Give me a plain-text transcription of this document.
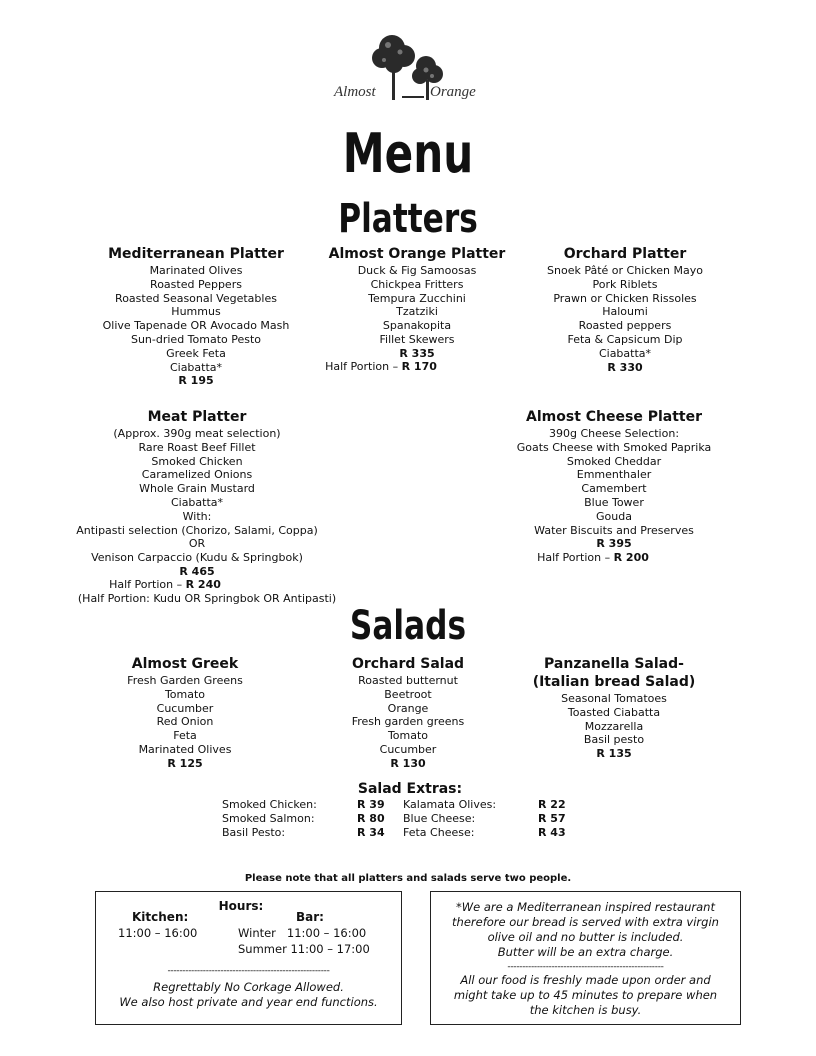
Almost	Orange
Menu
Platters
Mediterranean Platter
Marinated Olives
Roasted Peppers
Roasted Seasonal Vegetables
Hummus
Olive Tapenade OR Avocado Mash
Sun-dried Tomato Pesto
Greek Feta
Ciabatta*
R 195
Almost Orange Platter
Duck & Fig Samoosas
Chickpea Fritters
Tempura Zucchini
Tzatziki
Spanakopita
Fillet Skewers
R 335
Half Portion – R 170
Orchard Platter
Snoek Pâté or Chicken Mayo
Pork Riblets
Prawn or Chicken Rissoles
Haloumi
Roasted peppers
Feta & Capsicum Dip
Ciabatta*
R 330
Meat Platter
(Approx. 390g meat selection)
Rare Roast Beef Fillet
Smoked Chicken
Caramelized Onions
Whole Grain Mustard
Ciabatta*
With:
Antipasti selection (Chorizo, Salami, Coppa)
OR
Venison Carpaccio (Kudu & Springbok)
R 465
Half Portion – R 240
(Half Portion: Kudu OR Springbok OR Antipasti)
Almost Cheese Platter
390g Cheese Selection:
Goats Cheese with Smoked Paprika
Smoked Cheddar
Emmenthaler
Camembert
Blue Tower
Gouda
Water Biscuits and Preserves
R 395
Half Portion – R 200
Salads
Almost Greek
Fresh Garden Greens
Tomato
Cucumber
Red Onion
Feta
Marinated Olives
R 125
Orchard Salad
Roasted butternut
Beetroot
Orange
Fresh garden greens
Tomato
Cucumber
R 130
Panzanella Salad-
(Italian bread Salad)
Seasonal Tomatoes
Toasted Ciabatta
Mozzarella
Basil pesto
R 135
Salad Extras:
Smoked Chicken:
Smoked Salmon:
Basil Pesto:
R 39
R 80
R 34
Kalamata Olives:
Blue Cheese:
Feta Cheese:
R 22
R 57
R 43
Please note that all platters and salads serve two people.
Hours:
Kitchen:
11:00 – 16:00
Bar:
Winter   11:00 – 16:00
Summer 11:00 – 17:00
-------------------------------------------------------
Regrettably No Corkage Allowed.
We also host private and year end functions.
*We are a Mediterranean inspired restaurant
therefore our bread is served with extra virgin
olive oil and no butter is included.
Butter will be an extra charge.
-----------------------------------------------------
All our food is freshly made upon order and
might take up to 45 minutes to prepare when
the kitchen is busy.
